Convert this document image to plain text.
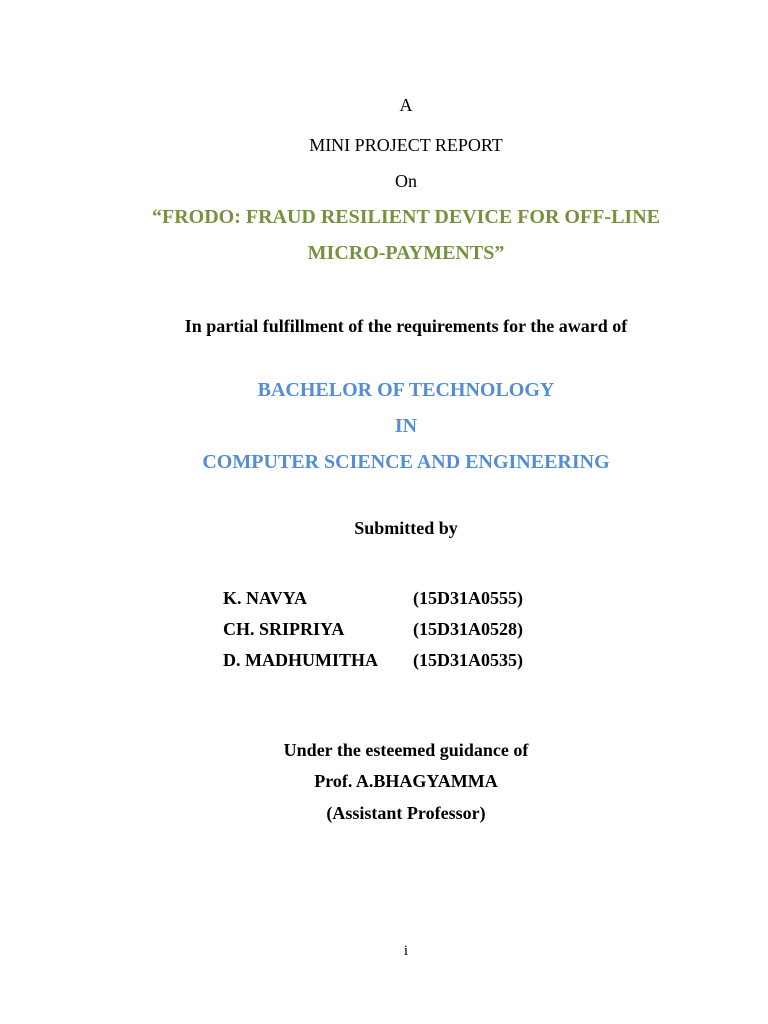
A
MINI PROJECT REPORT
On
“FRODO: FRAUD RESILIENT DEVICE FOR OFF-LINE
MICRO-PAYMENTS”
In partial fulfillment of the requirements for the award of
BACHELOR OF TECHNOLOGY
IN
COMPUTER SCIENCE AND ENGINEERING
Submitted by
K. NAVYA	(15D31A0555)
CH. SRIPRIYA	(15D31A0528)
D. MADHUMITHA (15D31A0535)
Under the esteemed guidance of
Prof. A.BHAGYAMMA
(Assistant Professor)
i
